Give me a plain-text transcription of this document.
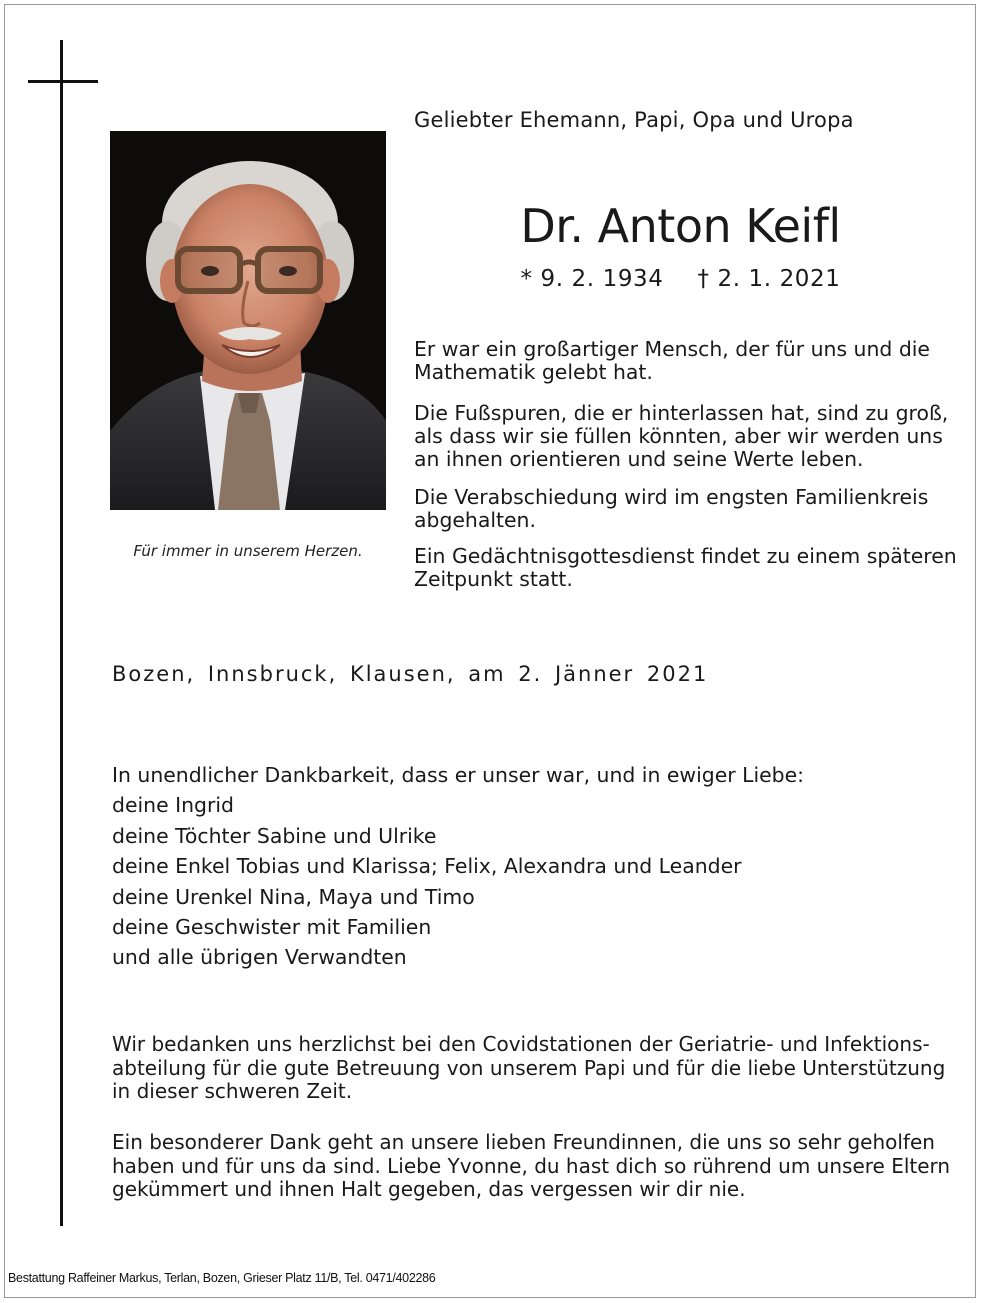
Für immer in unserem Herzen.
Geliebter Ehemann, Papi, Opa und Uropa
Dr. Anton Keifl
* 9. 2. 1934 † 2. 1. 2021
Er war ein großartiger Mensch, der für uns und die
Mathematik gelebt hat.
Die Fußspuren, die er hinterlassen hat, sind zu groß,
als dass wir sie füllen könnten, aber wir werden uns
an ihnen orientieren und seine Werte leben.
Die Verabschiedung wird im engsten Familienkreis
abgehalten.
Ein Gedächtnisgottesdienst findet zu einem späteren
Zeitpunkt statt.
Bozen, Innsbruck, Klausen, am 2. Jänner 2021
In unendlicher Dankbarkeit, dass er unser war, und in ewiger Liebe:
deine Ingrid
deine Töchter Sabine und Ulrike
deine Enkel Tobias und Klarissa; Felix, Alexandra und Leander
deine Urenkel Nina, Maya und Timo
deine Geschwister mit Familien
und alle übrigen Verwandten
Wir bedanken uns herzlichst bei den Covidstationen der Geriatrie- und Infektions-
abteilung für die gute Betreuung von unserem Papi und für die liebe Unterstützung
in dieser schweren Zeit.
Ein besonderer Dank geht an unsere lieben Freundinnen, die uns so sehr geholfen
haben und für uns da sind. Liebe Yvonne, du hast dich so rührend um unsere Eltern
gekümmert und ihnen Halt gegeben, das vergessen wir dir nie.
Bestattung Raffeiner Markus, Terlan, Bozen, Grieser Platz 11/B, Tel. 0471/402286
